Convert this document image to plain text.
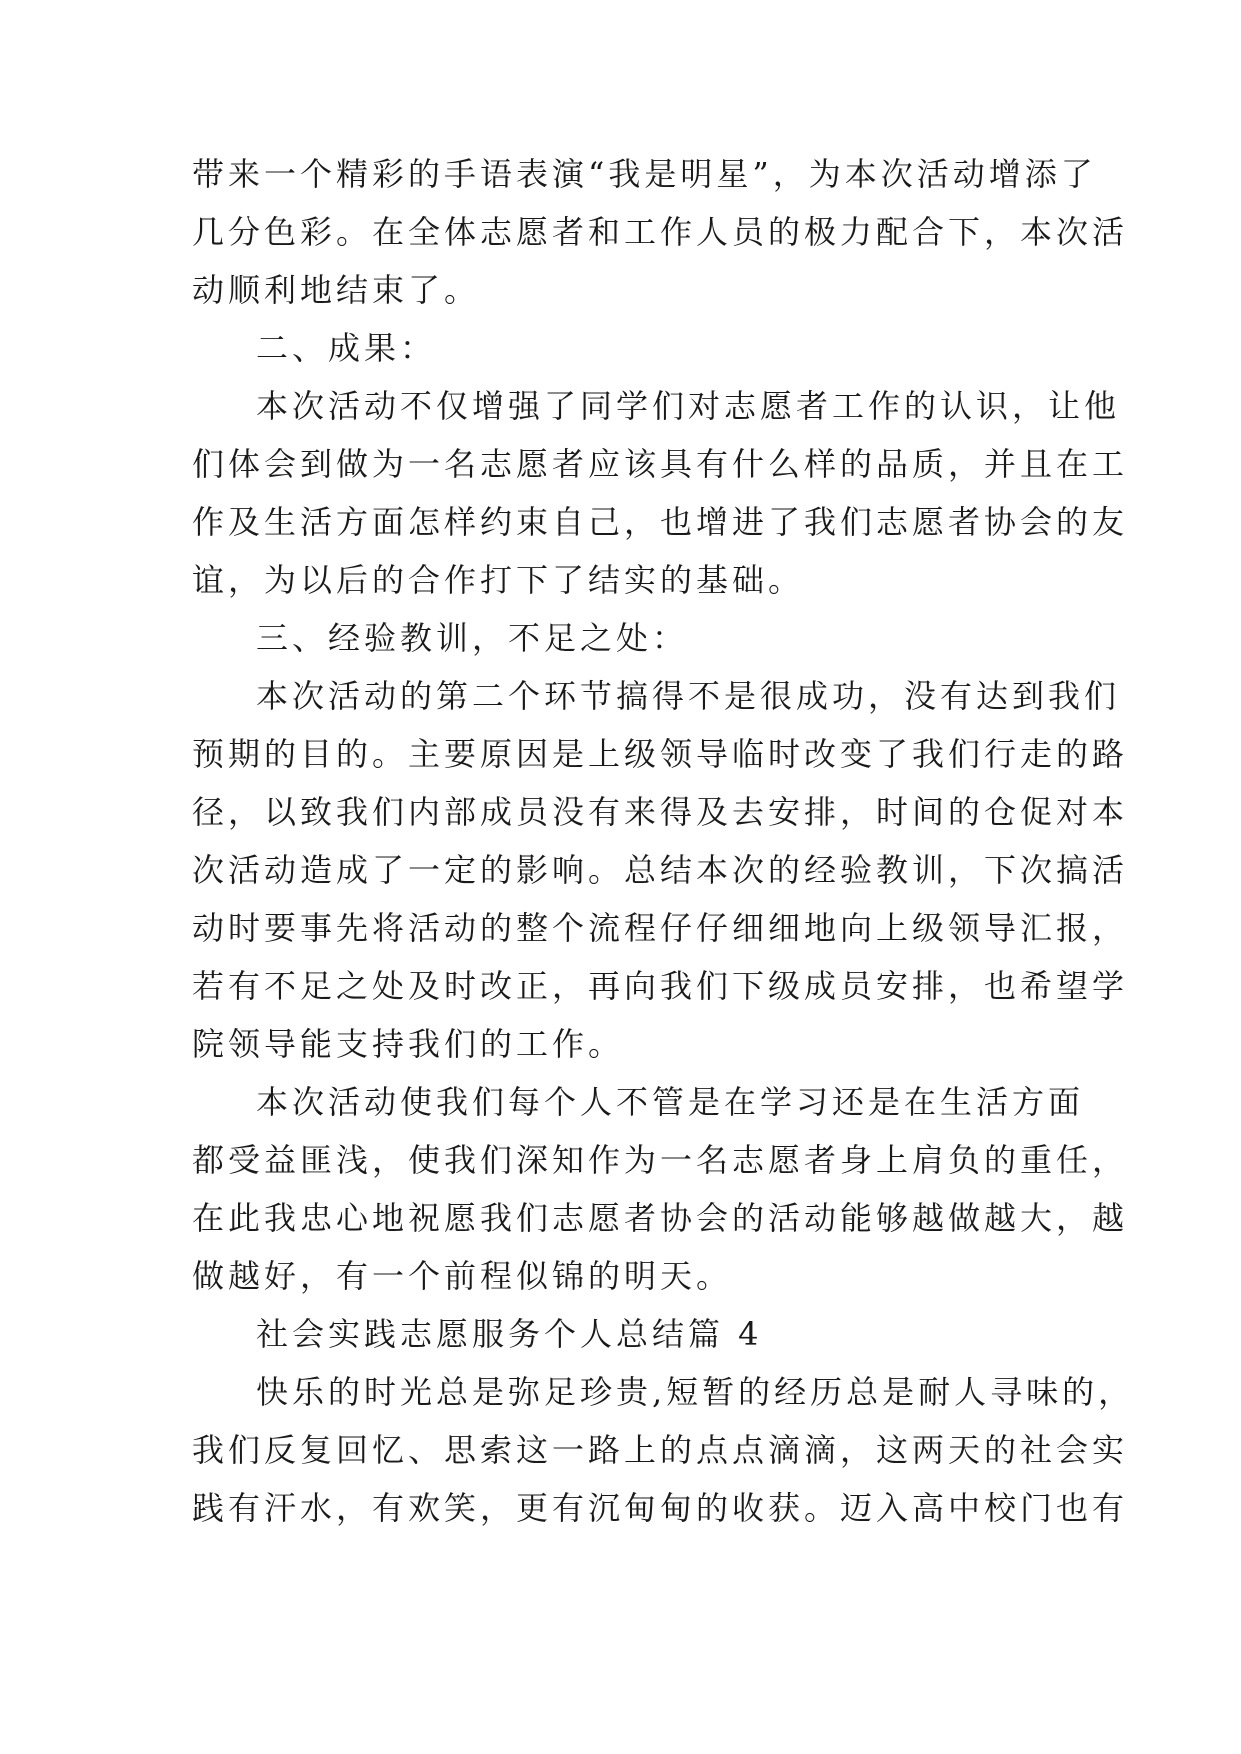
带来一个精彩的手语表演“我是明星”，为本次活动增添了
几分色彩。在全体志愿者和工作人员的极力配合下，本次活
动顺利地结束了。
二、成果：
本次活动不仅增强了同学们对志愿者工作的认识，让他
们体会到做为一名志愿者应该具有什么样的品质，并且在工
作及生活方面怎样约束自己，也增进了我们志愿者协会的友
谊，为以后的合作打下了结实的基础。
三、经验教训，不足之处：
本次活动的第二个环节搞得不是很成功，没有达到我们
预期的目的。主要原因是上级领导临时改变了我们行走的路
径，以致我们内部成员没有来得及去安排，时间的仓促对本
次活动造成了一定的影响。总结本次的经验教训，下次搞活
动时要事先将活动的整个流程仔仔细细地向上级领导汇报，
若有不足之处及时改正，再向我们下级成员安排，也希望学
院领导能支持我们的工作。
本次活动使我们每个人不管是在学习还是在生活方面
都受益匪浅，使我们深知作为一名志愿者身上肩负的重任，
在此我忠心地祝愿我们志愿者协会的活动能够越做越大，越
做越好，有一个前程似锦的明天。
社会实践志愿服务个人总结篇 4
快乐的时光总是弥足珍贵,短暂的经历总是耐人寻味的，
我们反复回忆、思索这一路上的点点滴滴，这两天的社会实
践有汗水，有欢笑，更有沉甸甸的收获。迈入高中校门也有
